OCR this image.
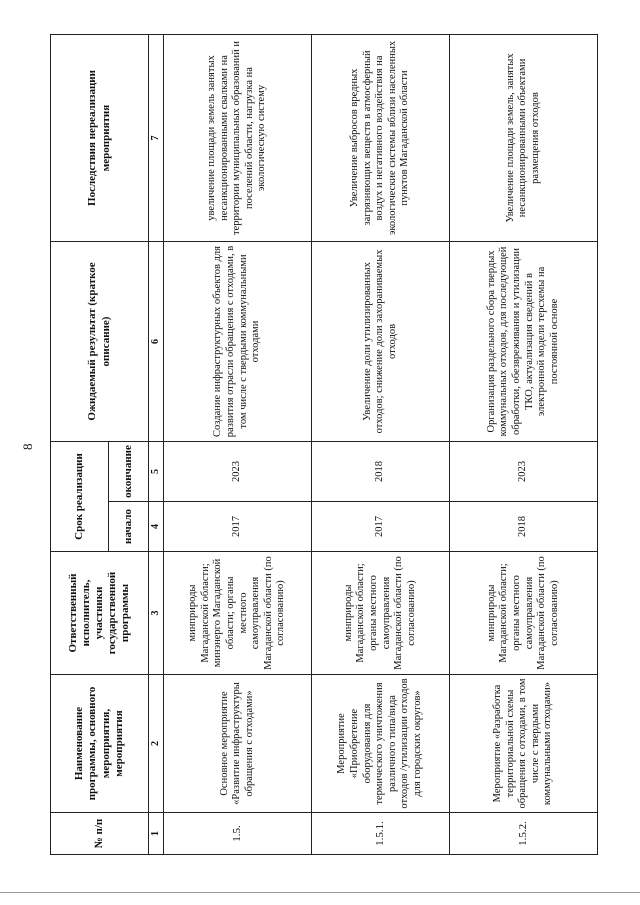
8
№ п/п	Наименование программы, основного мероприятия, мероприятия	Ответственный исполнитель, участники государственной программы	Срок реализации		Ожидаемый результат (краткое описание)	Последствия нереализации мероприятия
			начало	окончание		
1	2	3	4	5	6	7
1.5.	Основное мероприятие «Развитие инфраструктуры обращения с отходами»	минприроды Магаданской области; минэнерго Магаданской области; органы местного самоуправления Магаданской области (по согласованию)	2017	2023	Создание инфраструктурных объектов для развития отрасли обращения с отходами, в том числе с твердыми коммунальными отходами	увеличение площади земель занятых несанкционированными свалками на территории муниципальных образований и поселений области, нагрузка на экологическую систему
1.5.1.	Мероприятие «Приобретение оборудования для термического уничтожения различного типа/вида отходов /утилизации отходов для городских округов»	минприроды Магаданской области; органы местного самоуправления Магаданской области (по согласованию)	2017	2018	Увеличение доли утилизированных отходов; снижение доли захораниваемых отходов	Увеличение выбросов вредных загрязняющих веществ в атмосферный воздух и негативного воздействия на экологические системы вблизи населенных пунктов Магаданской области
1.5.2.	Мероприятие «Разработка территориальной схемы обращения с отходами, в том числе с твердыми коммунальными отходами»	минприроды Магаданской области; органы местного самоуправления Магаданской области (по согласованию)	2018	2023	Организация раздельного сбора твердых коммунальных отходов, для последующей обработки, обезвреживания и утилизации ТКО, актуализация сведений в электронной модели терсхемы на постоянной основе	Увеличение площади земель, занятых несанкционированными объектами размещения отходов
